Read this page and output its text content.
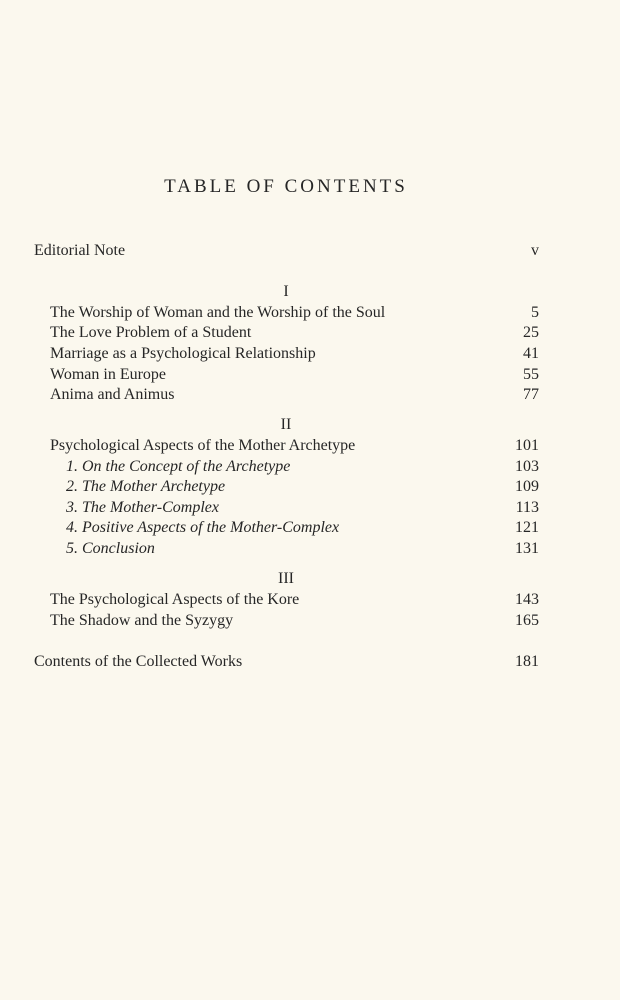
TABLE OF CONTENTS
Editorial Note	v
I
The Worship of Woman and the Worship of the Soul	5
The Love Problem of a Student	25
Marriage as a Psychological Relationship	41
Woman in Europe	55
Anima and Animus	77
II
Psychological Aspects of the Mother Archetype	101
1. On the Concept of the Archetype	103
2. The Mother Archetype	109
3. The Mother-Complex	113
4. Positive Aspects of the Mother-Complex	121
5. Conclusion	131
III
The Psychological Aspects of the Kore	143
The Shadow and the Syzygy	165
Contents of the Collected Works	181
